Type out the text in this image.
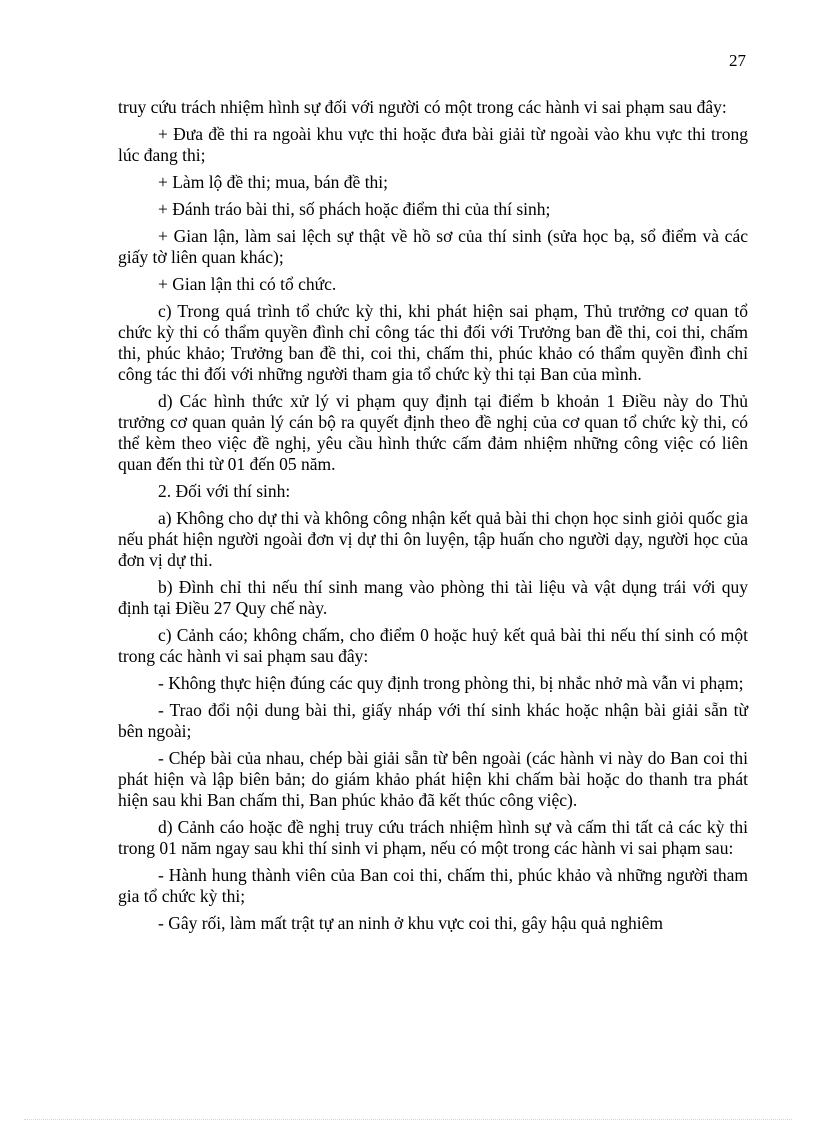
27

truy cứu trách nhiệm hình sự đối với người có một trong các hành vi sai phạm sau đây:

+ Đưa đề thi ra ngoài khu vực thi hoặc đưa bài giải từ ngoài vào khu vực thi trong lúc đang thi;

+ Làm lộ đề thi; mua, bán đề thi;

+ Đánh tráo bài thi, số phách hoặc điểm thi của thí sinh;

+ Gian lận, làm sai lệch sự thật về hồ sơ của thí sinh (sửa học bạ, sổ điểm và các giấy tờ liên quan khác);

+ Gian lận thi có tổ chức.

c) Trong quá trình tổ chức kỳ thi, khi phát hiện sai phạm, Thủ trưởng cơ quan tổ chức kỳ thi có thẩm quyền đình chỉ công tác thi đối với Trưởng ban đề thi, coi thi, chấm thi, phúc khảo; Trưởng ban đề thi, coi thi, chấm thi, phúc khảo có thẩm quyền đình chỉ công tác thi đối với những người tham gia tổ chức kỳ thi tại Ban của mình.

d) Các hình thức xử lý vi phạm quy định tại điểm b khoản 1 Điều này do Thủ trưởng cơ quan quản lý cán bộ ra quyết định theo đề nghị của cơ quan tổ chức kỳ thi, có thể kèm theo việc đề nghị, yêu cầu hình thức cấm đảm nhiệm những công việc có liên quan đến thi từ 01 đến 05 năm.

2. Đối với thí sinh:

a) Không cho dự thi và không công nhận kết quả bài thi chọn học sinh giỏi quốc gia nếu phát hiện người ngoài đơn vị dự thi ôn luyện, tập huấn cho người dạy, người học của đơn vị dự thi.

b) Đình chỉ thi nếu thí sinh mang vào phòng thi tài liệu và vật dụng trái với quy định tại Điều 27 Quy chế này.

c) Cảnh cáo; không chấm, cho điểm 0 hoặc huỷ kết quả bài thi nếu thí sinh có một trong các hành vi sai phạm sau đây:

- Không thực hiện đúng các quy định trong phòng thi, bị nhắc nhở mà vẫn vi phạm;

- Trao đổi nội dung bài thi, giấy nháp với thí sinh khác hoặc nhận bài giải sẵn từ bên ngoài;

- Chép bài của nhau, chép bài giải sẵn từ bên ngoài (các hành vi này do Ban coi thi phát hiện và lập biên bản; do giám khảo phát hiện khi chấm bài hoặc do thanh tra phát hiện sau khi Ban chấm thi, Ban phúc khảo đã kết thúc công việc).

d) Cảnh cáo hoặc đề nghị truy cứu trách nhiệm hình sự và cấm thi tất cả các kỳ thi trong 01 năm ngay sau khi thí sinh vi phạm, nếu có một trong các hành vi sai phạm sau:

- Hành hung thành viên của Ban coi thi, chấm thi, phúc khảo và những người tham gia tổ chức kỳ thi;

- Gây rối, làm mất trật tự an ninh ở khu vực coi thi, gây hậu quả nghiêm
